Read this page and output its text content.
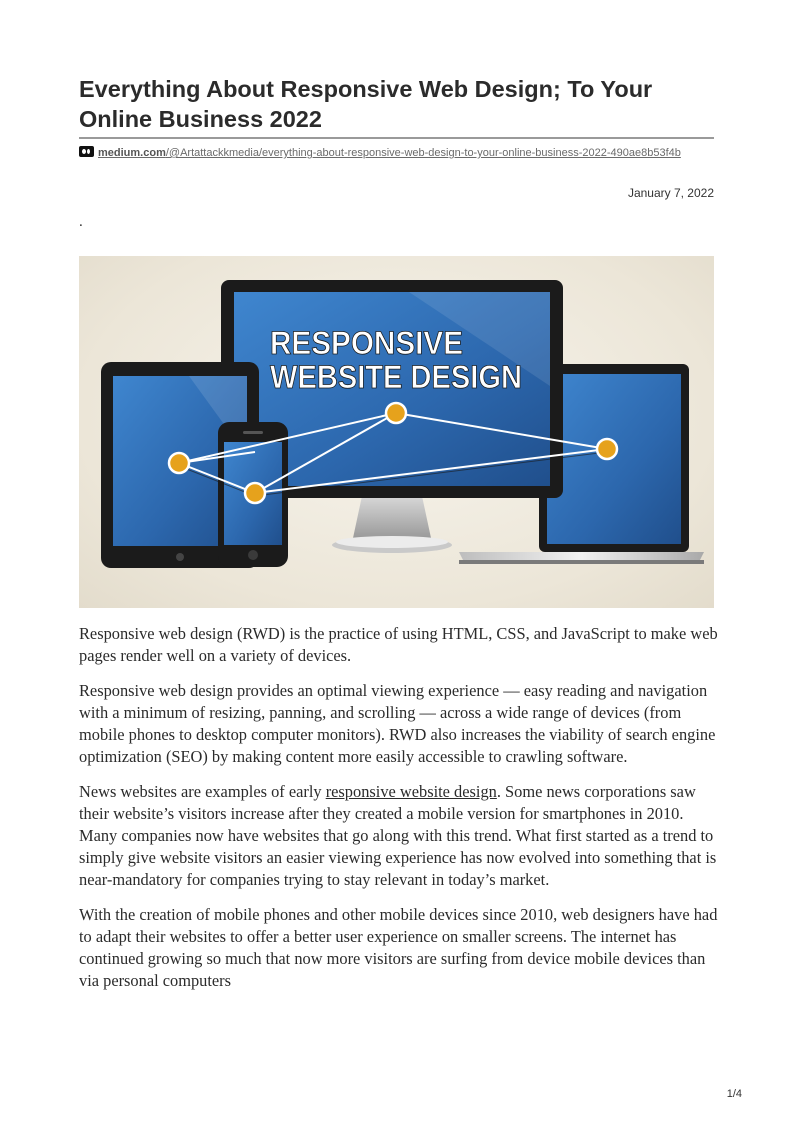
Everything About Responsive Web Design; To Your Online Business 2022
medium.com/@Artattackkmedia/everything-about-responsive-web-design-to-your-online-business-2022-490ae8b53f4b
January 7, 2022
.
RESPONSIVE
WEBSITE DESIGN

Responsive web design (RWD) is the practice of using HTML, CSS, and JavaScript to make web pages render well on a variety of devices.

Responsive web design provides an optimal viewing experience — easy reading and navigation with a minimum of resizing, panning, and scrolling — across a wide range of devices (from mobile phones to desktop computer monitors). RWD also increases the viability of search engine optimization (SEO) by making content more easily accessible to crawling software.

News websites are examples of early responsive website design. Some news corporations saw their website’s visitors increase after they created a mobile version for smartphones in 2010. Many companies now have websites that go along with this trend. What first started as a trend to simply give website visitors an easier viewing experience has now evolved into something that is near-mandatory for companies trying to stay relevant in today’s market.

With the creation of mobile phones and other mobile devices since 2010, web designers have had to adapt their websites to offer a better user experience on smaller screens. The internet has continued growing so much that now more visitors are surfing from device mobile devices than via personal computers

1/4
